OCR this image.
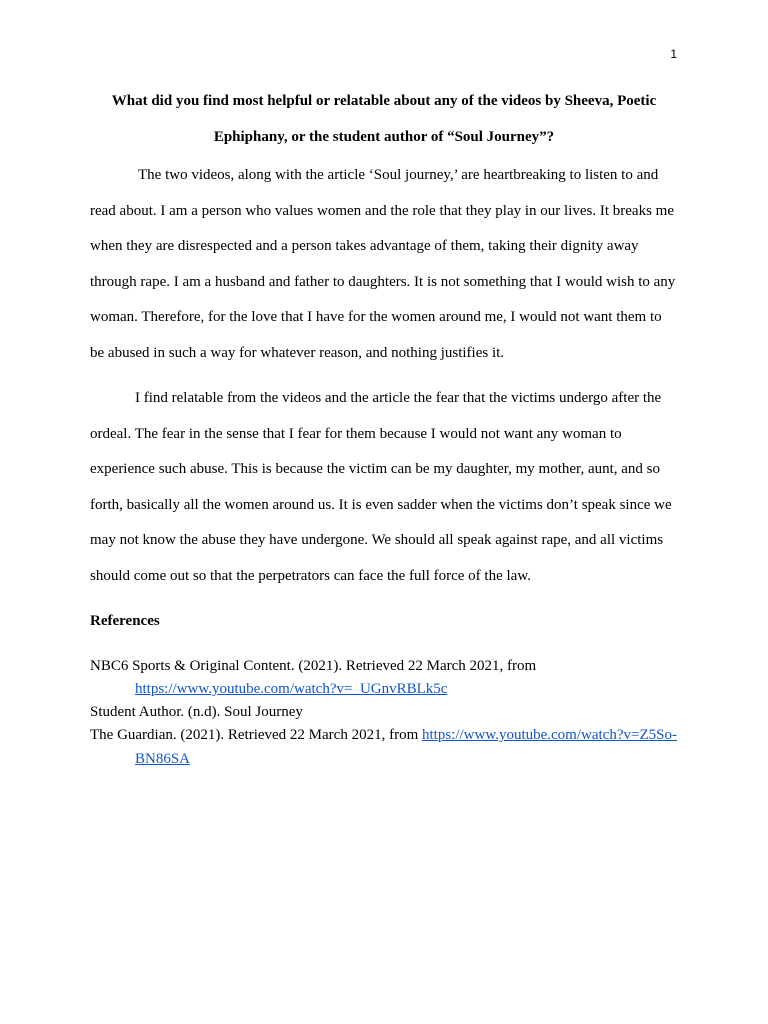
1
What did you find most helpful or relatable about any of the videos by Sheeva, Poetic Ephiphany, or the student author of “Soul Journey”?

The two videos, along with the article ‘Soul journey,’ are heartbreaking to listen to and read about. I am a person who values women and the role that they play in our lives. It breaks me when they are disrespected and a person takes advantage of them, taking their dignity away through rape. I am a husband and father to daughters. It is not something that I would wish to any woman. Therefore, for the love that I have for the women around me, I would not want them to be abused in such a way for whatever reason, and nothing justifies it.

I find relatable from the videos and the article the fear that the victims undergo after the ordeal. The fear in the sense that I fear for them because I would not want any woman to experience such abuse. This is because the victim can be my daughter, my mother, aunt, and so forth, basically all the women around us. It is even sadder when the victims don’t speak since we may not know the abuse they have undergone. We should all speak against rape, and all victims should come out so that the perpetrators can face the full force of the law.

References

NBC6 Sports & Original Content. (2021). Retrieved 22 March 2021, from https://www.youtube.com/watch?v=_UGnvRBLk5c

Student Author. (n.d). Soul Journey

The Guardian. (2021). Retrieved 22 March 2021, from https://www.youtube.com/watch?v=Z5So-BN86SA
